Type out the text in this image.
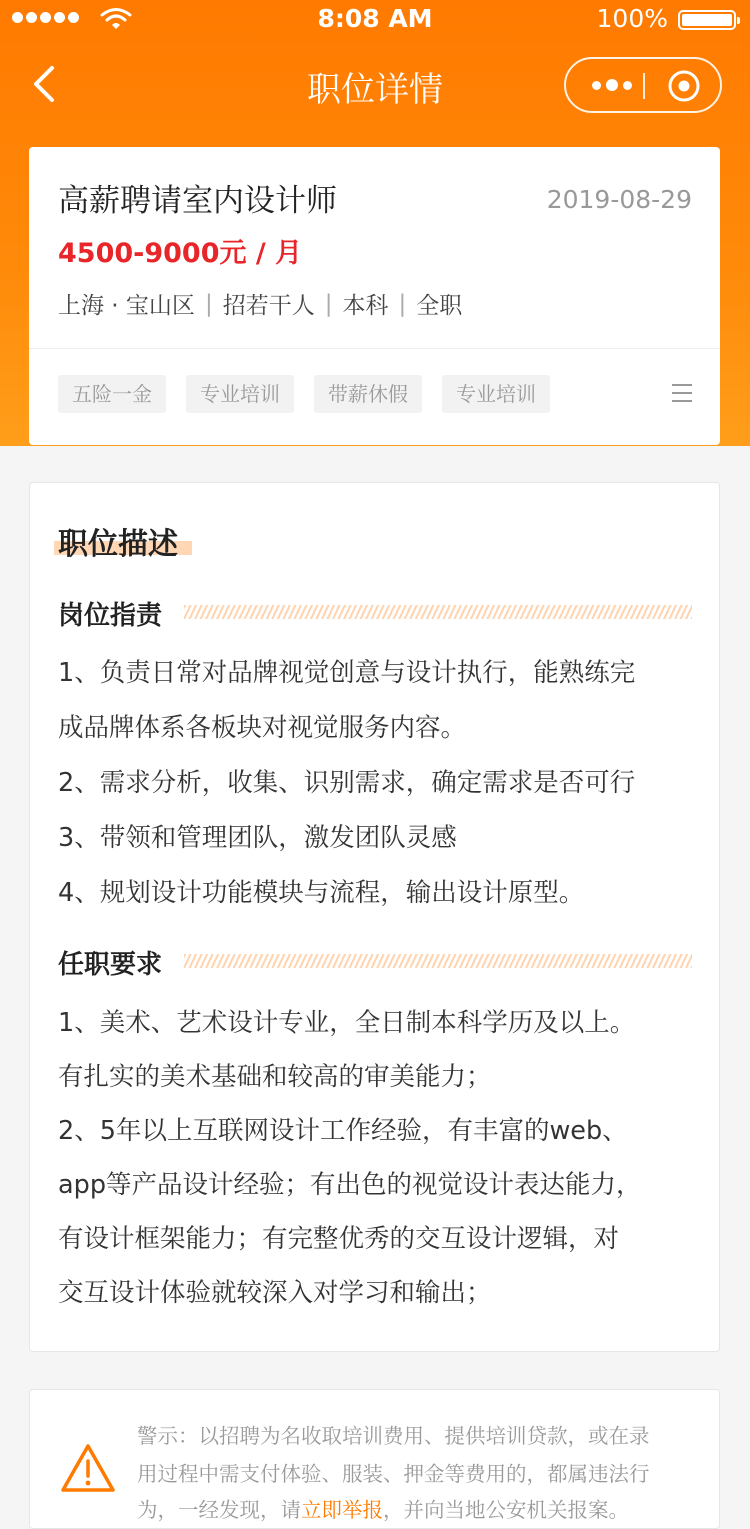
8:08 AM	100%
职位详情
高薪聘请室内设计师	2019-08-29
4500-9000元 / 月
上海 · 宝山区 | 招若干人 | 本科 | 全职
五险一金	专业培训	带薪休假	专业培训
职位描述
岗位指责
1、负责日常对品牌视觉创意与设计执行，能熟练完
成品牌体系各板块对视觉服务内容。
2、需求分析，收集、识别需求，确定需求是否可行
3、带领和管理团队，激发团队灵感
4、规划设计功能模块与流程，输出设计原型。
任职要求
1、美术、艺术设计专业，全日制本科学历及以上。
有扎实的美术基础和较高的审美能力；
2、5年以上互联网设计工作经验，有丰富的web、
app等产品设计经验；有出色的视觉设计表达能力，
有设计框架能力；有完整优秀的交互设计逻辑，对
交互设计体验就较深入对学习和输出；
警示：以招聘为名收取培训费用、提供培训贷款，或在录
用过程中需支付体验、服装、押金等费用的，都属违法行
为，一经发现，请立即举报，并向当地公安机关报案。
